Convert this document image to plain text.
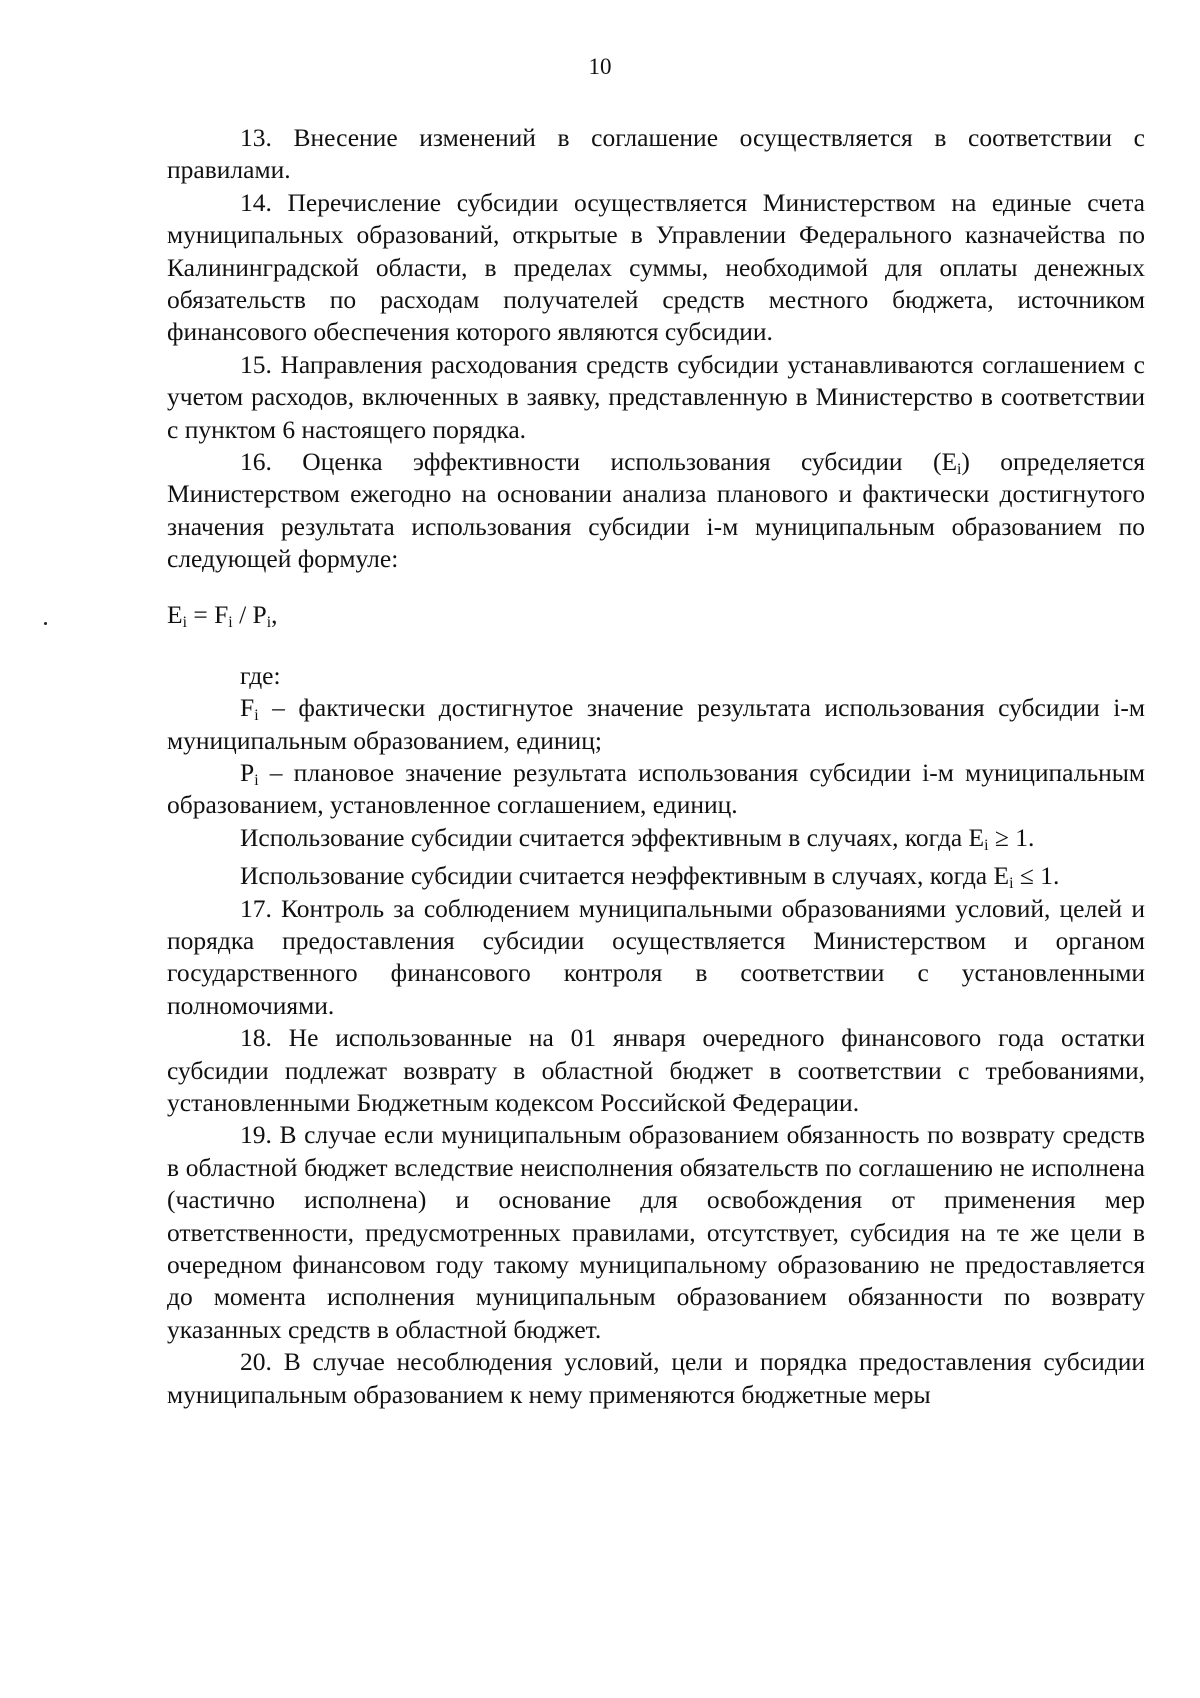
10

13. Внесение изменений в соглашение осуществляется в соответствии с правилами.

14. Перечисление субсидии осуществляется Министерством на единые счета муниципальных образований, открытые в Управлении Федерального казначейства по Калининградской области, в пределах суммы, необходимой для оплаты денежных обязательств по расходам получателей средств местного бюджета, источником финансового обеспечения которого являются субсидии.

15. Направления расходования средств субсидии устанавливаются соглашением с учетом расходов, включенных в заявку, представленную в Министерство в соответствии с пунктом 6 настоящего порядка.

16. Оценка эффективности использования субсидии $(E_i)$ определяется Министерством ежегодно на основании анализа планового и фактически достигнутого значения результата использования субсидии i-м муниципальным образованием по следующей формуле:

$E_i = F_i / P_i$,

где:

$F_i$ – фактически достигнутое значение результата использования субсидии i-м муниципальным образованием, единиц;

$P_i$ – плановое значение результата использования субсидии i-м муниципальным образованием, установленное соглашением, единиц.

Использование субсидии считается эффективным в случаях, когда $E_i \ge 1$.

Использование субсидии считается неэффективным в случаях, когда $E_i \le 1$.

17. Контроль за соблюдением муниципальными образованиями условий, целей и порядка предоставления субсидии осуществляется Министерством и органом государственного финансового контроля в соответствии с установленными полномочиями.

18. Не использованные на 01 января очередного финансового года остатки субсидии подлежат возврату в областной бюджет в соответствии с требованиями, установленными Бюджетным кодексом Российской Федерации.

19. В случае если муниципальным образованием обязанность по возврату средств в областной бюджет вследствие неисполнения обязательств по соглашению не исполнена (частично исполнена) и основание для освобождения от применения мер ответственности, предусмотренных правилами, отсутствует, субсидия на те же цели в очередном финансовом году такому муниципальному образованию не предоставляется до момента исполнения муниципальным образованием обязанности по возврату указанных средств в областной бюджет.

20. В случае несоблюдения условий, цели и порядка предоставления субсидии муниципальным образованием к нему применяются бюджетные меры
